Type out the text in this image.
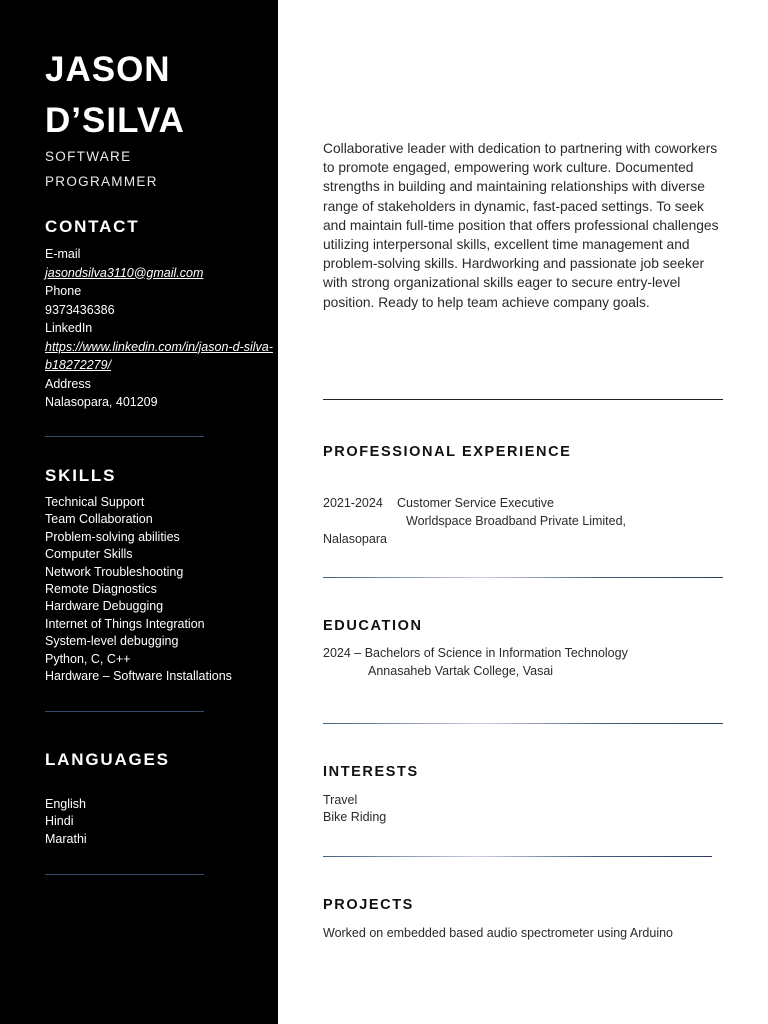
JASON
D’SILVA
SOFTWARE
PROGRAMMER
CONTACT
E-mail
jasondsilva3110@gmail.com
Phone
9373436386
LinkedIn
https://www.linkedin.com/in/jason-d-silva-b18272279/
Address
Nalasopara, 401209
SKILLS
Technical Support
Team Collaboration
Problem-solving abilities
Computer Skills
Network Troubleshooting
Remote Diagnostics
Hardware Debugging
Internet of Things Integration
System-level debugging
Python, C, C++
Hardware – Software Installations
LANGUAGES
English
Hindi
Marathi
Collaborative leader with dedication to partnering with coworkers to promote engaged, empowering work culture. Documented strengths in building and maintaining relationships with diverse range of stakeholders in dynamic, fast-paced settings. To seek and maintain full-time position that offers professional challenges utilizing interpersonal skills, excellent time management and problem-solving skills. Hardworking and passionate job seeker with strong organizational skills eager to secure entry-level position. Ready to help team achieve company goals.
PROFESSIONAL EXPERIENCE
2021-2024 Customer Service Executive
Worldspace Broadband Private Limited,
Nalasopara
EDUCATION
2024 – Bachelors of Science in Information Technology
Annasaheb Vartak College, Vasai
INTERESTS
Travel
Bike Riding
PROJECTS
Worked on embedded based audio spectrometer using Arduino
